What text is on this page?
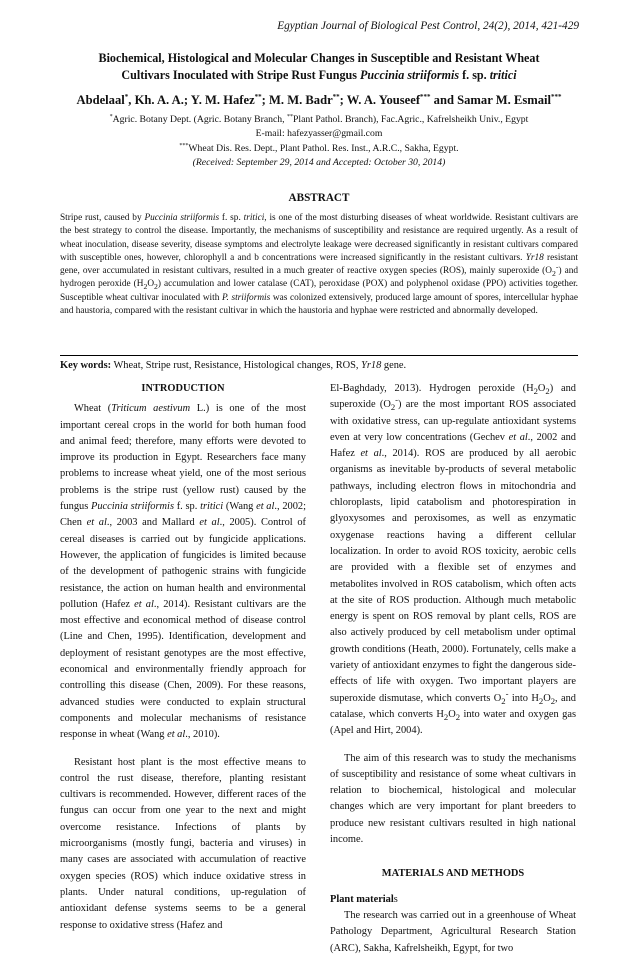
Egyptian Journal of Biological Pest Control, 24(2), 2014, 421-429
Biochemical, Histological and Molecular Changes in Susceptible and Resistant Wheat
Cultivars Inoculated with Stripe Rust Fungus Puccinia striiformis f. sp. tritici
Abdelaal*, Kh. A. A.; Y. M. Hafez**; M. M. Badr**; W. A. Youseef*** and Samar M. Esmail***
*Agric. Botany Dept. (Agric. Botany Branch, **Plant Pathol. Branch), Fac.Agric., Kafrelsheikh Univ., Egypt
E-mail: hafezyasser@gmail.com
***Wheat Dis. Res. Dept., Plant Pathol. Res. Inst., A.R.C., Sakha, Egypt.
(Received: September 29, 2014 and Accepted: October 30, 2014)
ABSTRACT
Stripe rust, caused by Puccinia striiformis f. sp. tritici, is one of the most disturbing diseases of wheat worldwide. Resistant cultivars are the best strategy to control the disease. Importantly, the mechanisms of susceptibility and resistance are required urgently. As a result of wheat inoculation, disease severity, disease symptoms and electrolyte leakage were decreased significantly in resistant cultivars compared with susceptible ones, however, chlorophyll a and b concentrations were increased significantly in the resistant cultivars. Yr18 resistant gene, over accumulated in resistant cultivars, resulted in a much greater of reactive oxygen species (ROS), mainly superoxide $(O_2^-)$ and hydrogen peroxide $(H_2O_2)$ accumulation and lower catalase (CAT), peroxidase (POX) and polyphenol oxidase (PPO) activities together. Susceptible wheat cultivar inoculated with P. striiformis was colonized extensively, produced large amount of spores, intercellular hyphae and haustoria, compared with the resistant cultivar in which the haustoria and hyphae were restricted and abnormally developed.
Key words: Wheat, Stripe rust, Resistance, Histological changes, ROS, Yr18 gene.

INTRODUCTION

Wheat (Triticum aestivum L.) is one of the most important cereal crops in the world for both human food and animal feed; therefore, many efforts were devoted to improve its production in Egypt. Researchers face many problems to increase wheat yield, one of the most serious problems is the stripe rust (yellow rust) caused by the fungus Puccinia striiformis f. sp. tritici (Wang et al., 2002; Chen et al., 2003 and Mallard et al., 2005). Control of cereal diseases is carried out by fungicide applications. However, the application of fungicides is limited because of the development of pathogenic strains with fungicide resistance, the action on human health and environmental pollution (Hafez et al., 2014). Resistant cultivars are the most effective and economical method of disease control (Line and Chen, 1995). Identification, development and deployment of resistant genotypes are the most effective, economical and environmentally friendly approach for controlling this disease (Chen, 2009). For these reasons, advanced studies were conducted to explain structural components and molecular mechanisms of resistance response in wheat (Wang et al., 2010).

Resistant host plant is the most effective means to control the rust disease, therefore, planting resistant cultivars is recommended. However, different races of the fungus can occur from one year to the next and might overcome resistance. Infections of plants by microorganisms (mostly fungi, bacteria and viruses) in many cases are associated with accumulation of reactive oxygen species (ROS) which induce oxidative stress in plants. Under natural conditions, up-regulation of antioxidant defense systems seems to be a general response to oxidative stress (Hafez and

El-Baghdady, 2013). Hydrogen peroxide $(H_2O_2)$ and superoxide $(O_2^-)$ are the most important ROS associated with oxidative stress, can up-regulate antioxidant systems even at very low concentrations (Gechev et al., 2002 and Hafez et al., 2014). ROS are produced by all aerobic organisms as inevitable by-products of several metabolic pathways, including electron flows in mitochondria and chloroplasts, lipid catabolism and photorespiration in glyoxysomes and peroxisomes, as well as enzymatic oxygenase reactions having a different cellular localization. In order to avoid ROS toxicity, aerobic cells are provided with a flexible set of enzymes and metabolites involved in ROS catabolism, which often acts at the site of ROS production. Although much metabolic energy is spent on ROS removal by plant cells, ROS are also actively produced by cell metabolism under optimal growth conditions (Heath, 2000). Fortunately, cells make a variety of antioxidant enzymes to fight the dangerous side-effects of life with oxygen. Two important players are superoxide dismutase, which converts $O_2^-$ into $H_2O_2$, and catalase, which converts $H_2O_2$ into water and oxygen gas (Apel and Hirt, 2004).

The aim of this research was to study the mechanisms of susceptibility and resistance of some wheat cultivars in relation to biochemical, histological and molecular changes which are very important for plant breeders to produce new resistant cultivars resulted in high national income.

MATERIALS AND METHODS

Plant materials

The research was carried out in a greenhouse of Wheat Pathology Department, Agricultural Research Station (ARC), Sakha, Kafrelsheikh, Egypt, for two
